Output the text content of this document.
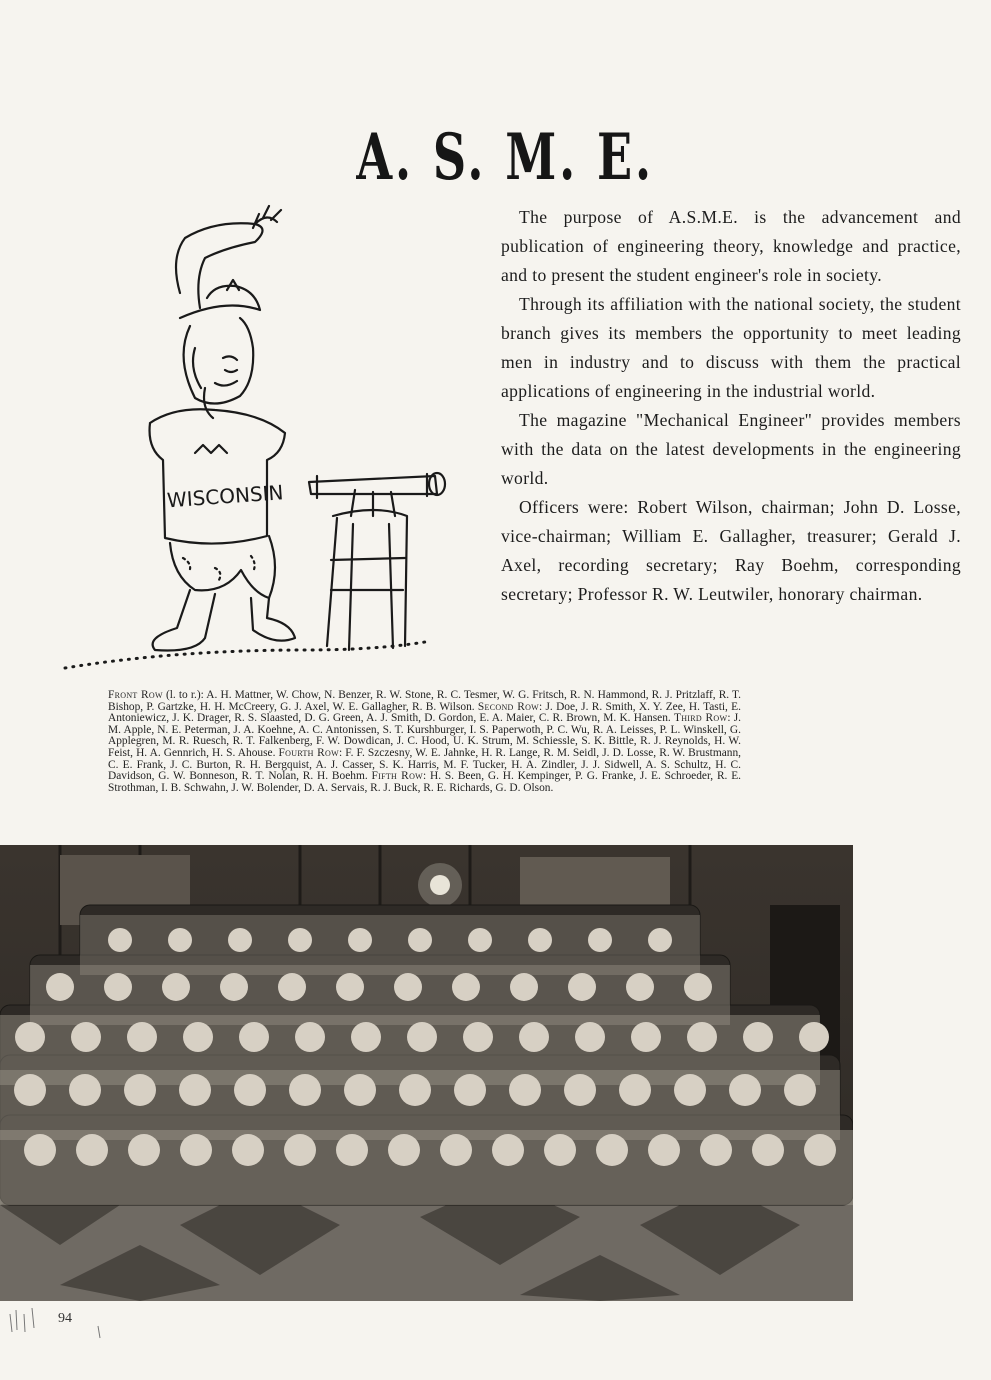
A. S. M. E.
WISCONSIN

The purpose of A.S.M.E. is the advancement and publication of engineering theory, knowledge and practice, and to present the student engineer's role in society.

Through its affiliation with the national society, the student branch gives its members the opportunity to meet leading men in industry and to discuss with them the practical applications of engineering in the industrial world.

The magazine "Mechanical Engineer" provides members with the data on the latest developments in the engineering world.

Officers were: Robert Wilson, chairman; John D. Losse, vice-chairman; William E. Gallagher, treasurer; Gerald J. Axel, recording secretary; Ray Boehm, corresponding secretary; Professor R. W. Leutwiler, honorary chairman.

Front Row (l. to r.): A. H. Mattner, W. Chow, N. Benzer, R. W. Stone, R. C. Tesmer, W. G. Fritsch, R. N. Hammond, R. J. Pritzlaff, R. T. Bishop, P. Gartzke, H. H. McCreery, G. J. Axel, W. E. Gallagher, R. B. Wilson. Second Row: J. Doe, J. R. Smith, X. Y. Zee, H. Tasti, E. Antoniewicz, J. K. Drager, R. S. Slaasted, D. G. Green, A. J. Smith, D. Gordon, E. A. Maier, C. R. Brown, M. K. Hansen. Third Row: J. M. Apple, N. E. Peterman, J. A. Koehne, A. C. Antonissen, S. T. Kurshburger, I. S. Paperwoth, P. C. Wu, R. A. Leisses, P. L. Winskell, G. Applegren, M. R. Ruesch, R. T. Falkenberg, F. W. Dowdican, J. C. Hood, U. K. Strum, M. Schiessle, S. K. Bittle, R. J. Reynolds, H. W. Feist, H. A. Gennrich, H. S. Ahouse. Fourth Row: F. F. Szczesny, W. E. Jahnke, H. R. Lange, R. M. Seidl, J. D. Losse, R. W. Brustmann, C. E. Frank, J. C. Burton, R. H. Bergquist, A. J. Casser, S. K. Harris, M. F. Tucker, H. A. Zindler, J. J. Sidwell, A. S. Schultz, H. C. Davidson, G. W. Bonneson, R. T. Nolan, R. H. Boehm. Fifth Row: H. S. Been, G. H. Kempinger, P. G. Franke, J. E. Schroeder, R. E. Strothman, I. B. Schwahn, J. W. Bolender, D. A. Servais, R. J. Buck, R. E. Richards, G. D. Olson.
94
